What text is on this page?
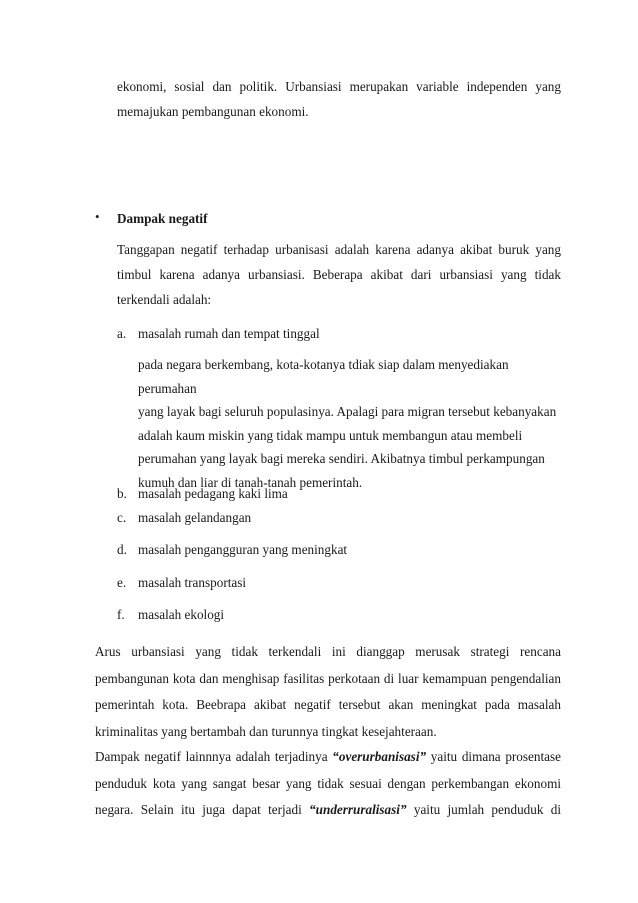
ekonomi, sosial dan politik. Urbansiasi merupakan variable independen yang
memajukan pembangunan ekonomi.
• Dampak negatif
Tanggapan negatif terhadap urbanisasi adalah karena adanya akibat buruk yang
timbul karena adanya urbansiasi. Beberapa akibat dari urbansiasi yang tidak
terkendali adalah:
a. masalah rumah dan tempat tinggal
pada negara berkembang, kota-kotanya tdiak siap dalam menyediakan perumahan
yang layak bagi seluruh populasinya. Apalagi para migran tersebut kebanyakan
adalah kaum miskin yang tidak mampu untuk membangun atau membeli
perumahan yang layak bagi mereka sendiri. Akibatnya timbul perkampungan
kumuh dan liar di tanah-tanah pemerintah.
b. masalah pedagang kaki lima
c. masalah gelandangan
d. masalah pengangguran yang meningkat
e. masalah transportasi
f. masalah ekologi
Arus urbansiasi yang tidak terkendali ini dianggap merusak strategi rencana
pembangunan kota dan menghisap fasilitas perkotaan di luar kemampuan pengendalian
pemerintah kota. Beebrapa akibat negatif tersebut akan meningkat pada masalah
kriminalitas yang bertambah dan turunnya tingkat kesejahteraan.
Dampak negatif lainnnya adalah terjadinya “overurbanisasi” yaitu dimana prosentase
penduduk kota yang sangat besar yang tidak sesuai dengan perkembangan ekonomi
negara. Selain itu juga dapat terjadi “underruralisasi” yaitu jumlah penduduk di
